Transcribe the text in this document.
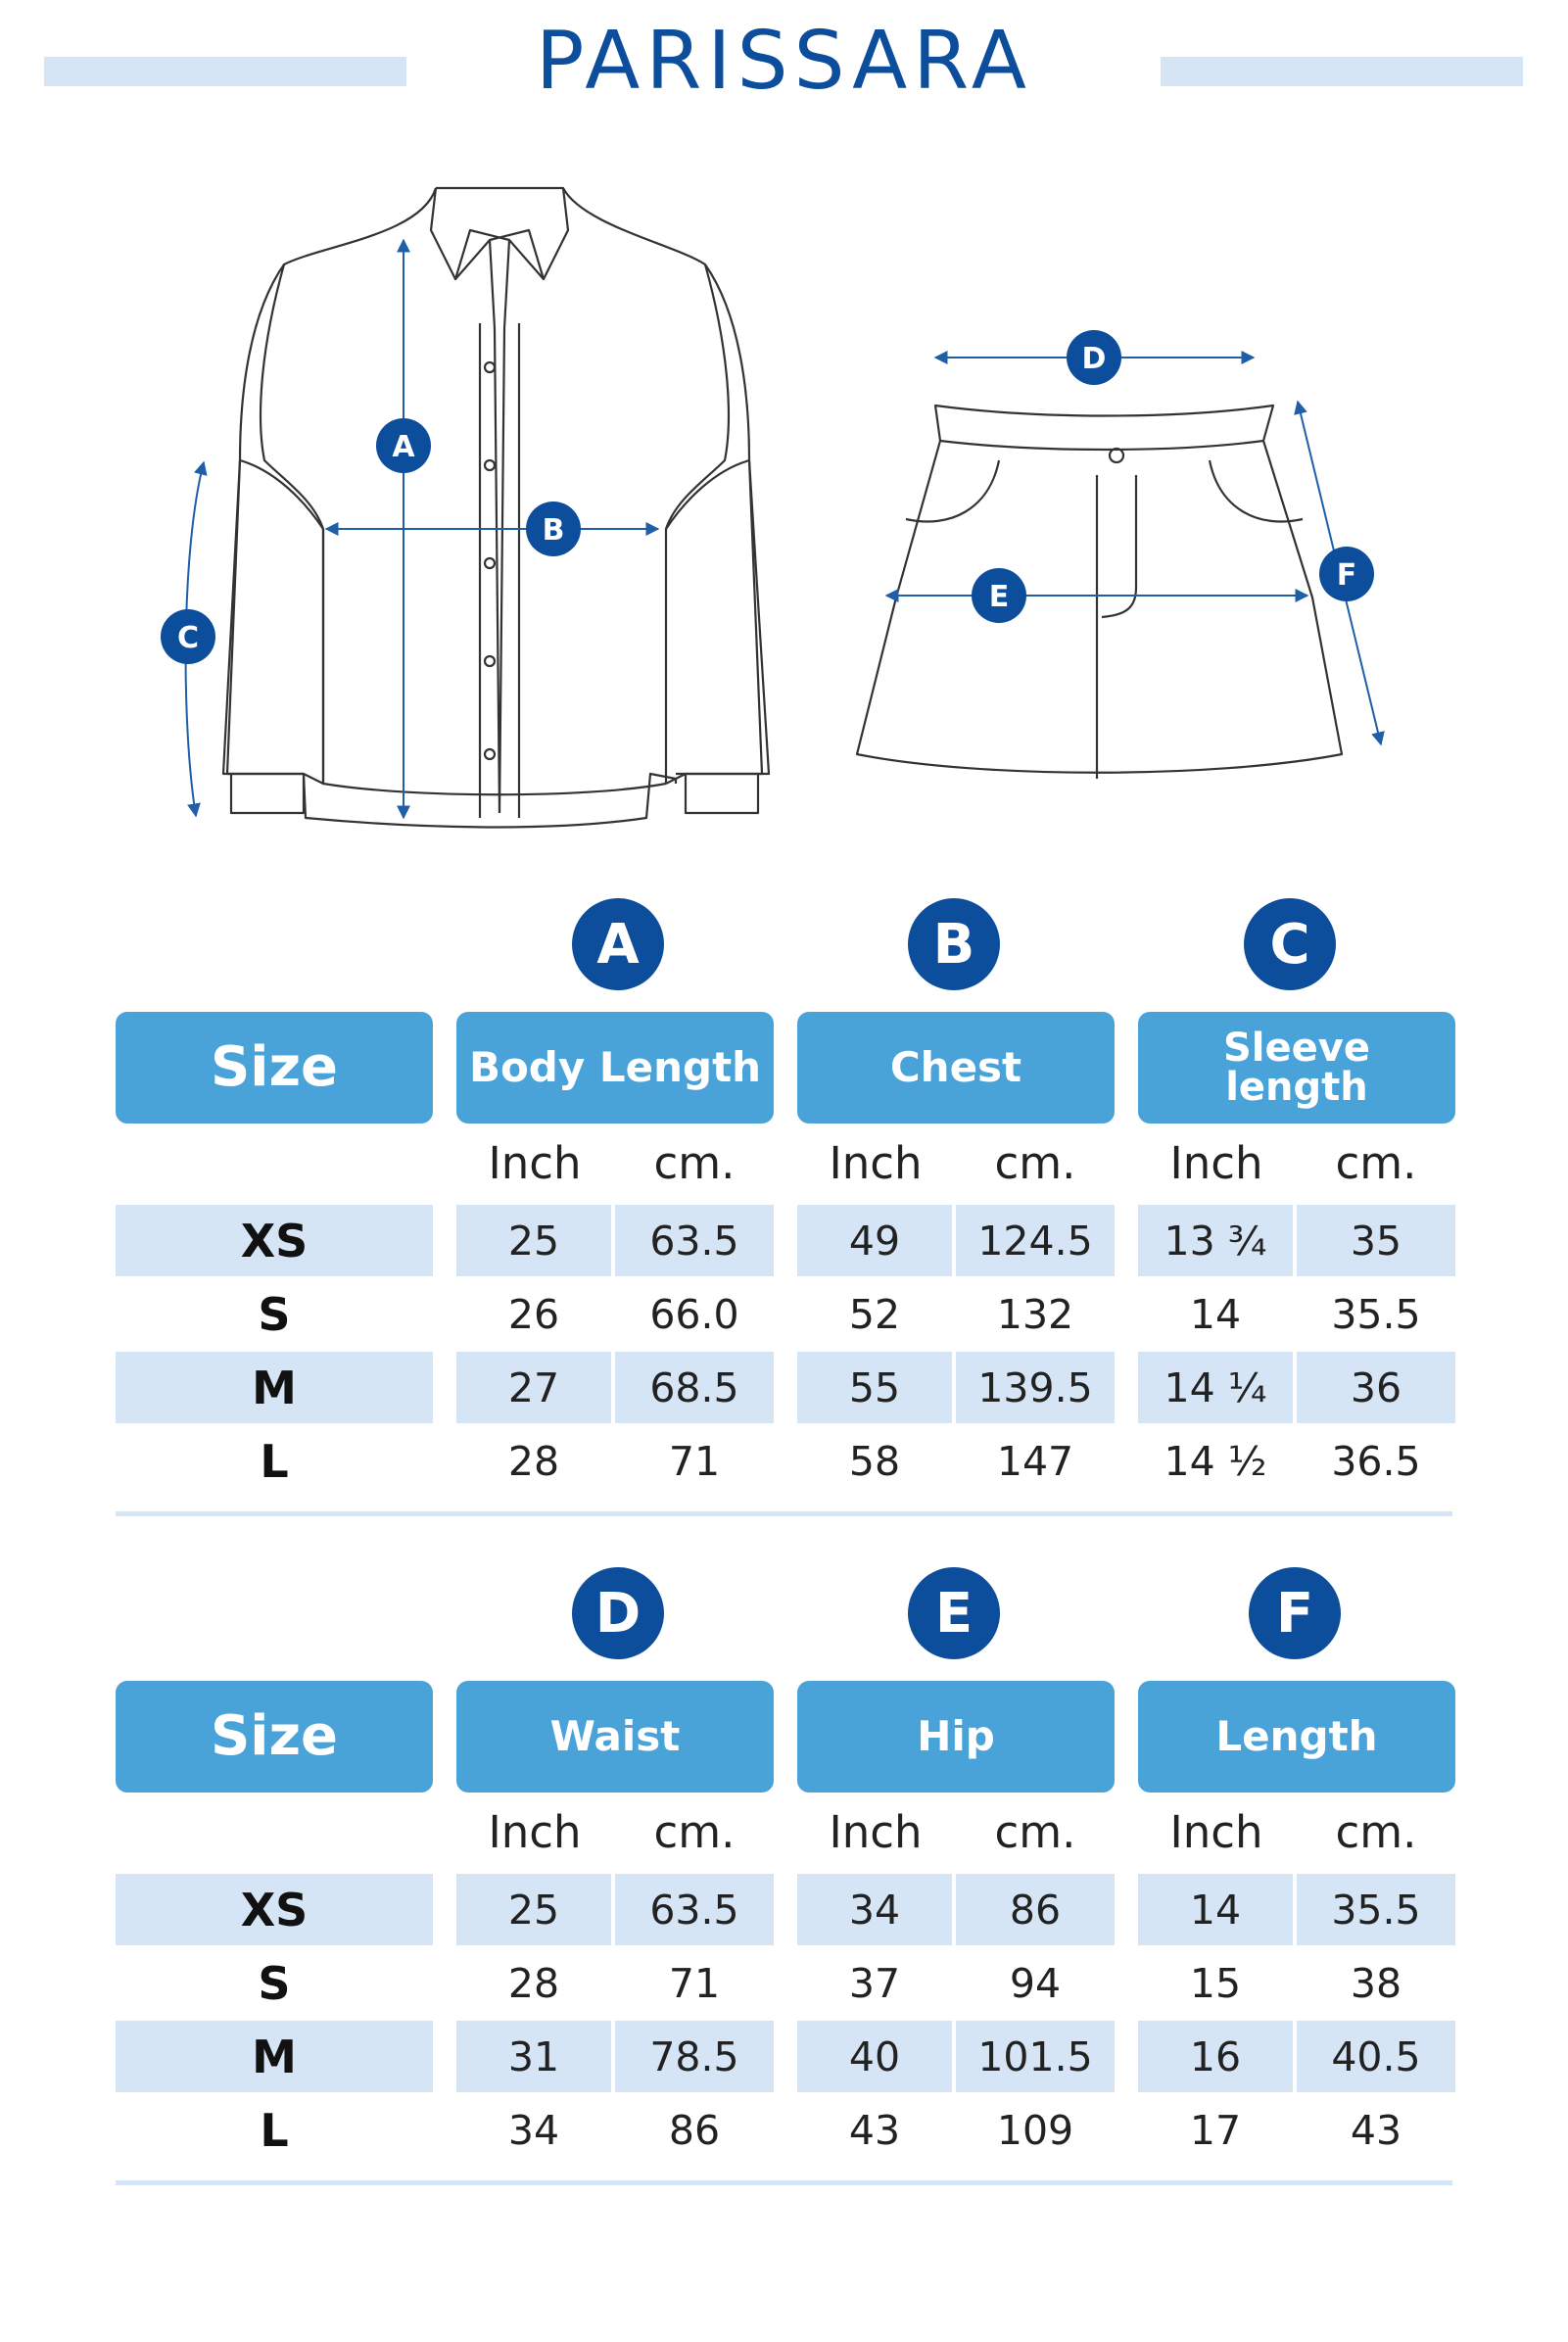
PARISSARA
A
B
C
D
E
F
A	B	C
Size	Body Length	Chest	Sleeve
length
Inch	cm.	Inch	cm.	Inch	cm.
XS	25	63.5	49	124.5	13 ¾	35
S	26	66.0	52	132	14	35.5
M	27	68.5	55	139.5	14 ¼	36
L	28	71	58	147	14 ½	36.5
D	E	F
Size	Waist	Hip	Length
Inch	cm.	Inch	cm.	Inch	cm.
XS	25	63.5	34	86	14	35.5
S	28	71	37	94	15	38
M	31	78.5	40	101.5	16	40.5
L	34	86	43	109	17	43
